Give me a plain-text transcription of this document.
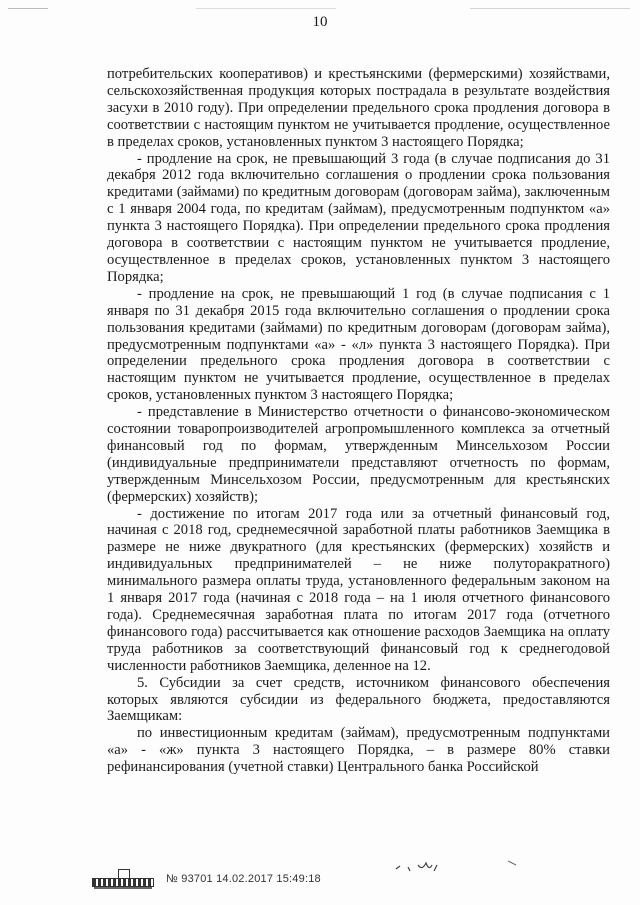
10

потребительских кооперативов) и крестьянскими (фермерскими) хозяйствами, сельскохозяйственная продукция которых пострадала в результате воздействия засухи в 2010 году). При определении предельного срока продления договора в соответствии с настоящим пунктом не учитывается продление, осуществленное в пределах сроков, установленных пунктом 3 настоящего Порядка;

- продление на срок, не превышающий 3 года (в случае подписания до 31 декабря 2012 года включительно соглашения о продлении срока пользования кредитами (займами) по кредитным договорам (договорам займа), заключенным с 1 января 2004 года, по кредитам (займам), предусмотренным подпунктом «а» пункта 3 настоящего Порядка). При определении предельного срока продления договора в соответствии с настоящим пунктом не учитывается продление, осуществленное в пределах сроков, установленных пунктом 3 настоящего Порядка;

- продление на срок, не превышающий 1 год (в случае подписания с 1 января по 31 декабря 2015 года включительно соглашения о продлении срока пользования кредитами (займами) по кредитным договорам (договорам займа), предусмотренным подпунктами «а» - «л» пункта 3 настоящего Порядка). При определении предельного срока продления договора в соответствии с настоящим пунктом не учитывается продление, осуществленное в пределах сроков, установленных пунктом 3 настоящего Порядка;

- представление в Министерство отчетности о финансово-экономическом состоянии товаропроизводителей агропромышленного комплекса за отчетный финансовый год по формам, утвержденным Минсельхозом России (индивидуальные предприниматели представляют отчетность по формам, утвержденным Минсельхозом России, предусмотренным для крестьянских (фермерских) хозяйств);

- достижение по итогам 2017 года или за отчетный финансовый год, начиная с 2018 год, среднемесячной заработной платы работников Заемщика в размере не ниже двукратного (для крестьянских (фермерских) хозяйств и индивидуальных предпринимателей – не ниже полуторакратного) минимального размера оплаты труда, установленного федеральным законом на 1 января 2017 года (начиная с 2018 года – на 1 июля отчетного финансового года). Среднемесячная заработная плата по итогам 2017 года (отчетного финансового года) рассчитывается как отношение расходов Заемщика на оплату труда работников за соответствующий финансовый год к среднегодовой численности работников Заемщика, деленное на 12.

5. Субсидии за счет средств, источником финансового обеспечения которых являются субсидии из федерального бюджета, предоставляются Заемщикам:

по инвестиционным кредитам (займам), предусмотренным подпунктами «а» - «ж» пункта 3 настоящего Порядка, – в размере 80% ставки рефинансирования (учетной ставки) Центрального банка Российской

№ 93701 14.02.2017 15:49:18
